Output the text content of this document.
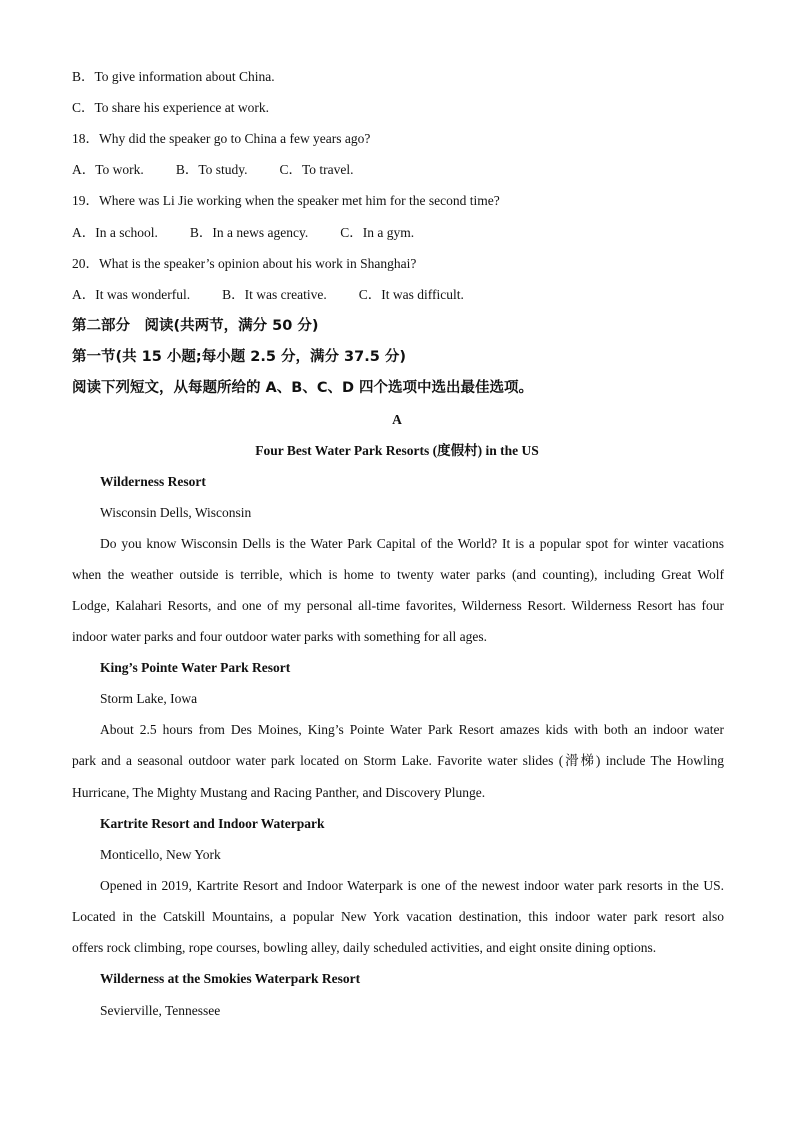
B．To give information about China.
C．To share his experience at work.
18．Why did the speaker go to China a few years ago?
A．To work. B．To study. C．To travel.
19．Where was Li Jie working when the speaker met him for the second time?
A．In a school. B．In a news agency. C．In a gym.
20．What is the speaker’s opinion about his work in Shanghai?
A．It was wonderful. B．It was creative. C．It was difficult.
第二部分　阅读(共两节，满分 50 分)
第一节(共 15 小题;每小题 2.5 分，满分 37.5 分)
阅读下列短文，从每题所给的 A、B、C、D 四个选项中选出最佳选项。
A
Four Best Water Park Resorts (度假村) in the US
Wilderness Resort
Wisconsin Dells, Wisconsin
Do you know Wisconsin Dells is the Water Park Capital of the World? It is a popular spot for winter vacations
when the weather outside is terrible, which is home to twenty water parks (and counting), including Great Wolf
Lodge, Kalahari Resorts, and one of my personal all-time favorites, Wilderness Resort. Wilderness Resort has four
indoor water parks and four outdoor water parks with something for all ages.
King’s Pointe Water Park Resort
Storm Lake, Iowa
About 2.5 hours from Des Moines, King’s Pointe Water Park Resort amazes kids with both an indoor water
park and a seasonal outdoor water park located on Storm Lake. Favorite water slides (滑梯) include The Howling
Hurricane, The Mighty Mustang and Racing Panther, and Discovery Plunge.
Kartrite Resort and Indoor Waterpark
Monticello, New York
Opened in 2019, Kartrite Resort and Indoor Waterpark is one of the newest indoor water park resorts in the US.
Located in the Catskill Mountains, a popular New York vacation destination, this indoor water park resort also
offers rock climbing, rope courses, bowling alley, daily scheduled activities, and eight onsite dining options.
Wilderness at the Smokies Waterpark Resort
Sevierville, Tennessee
